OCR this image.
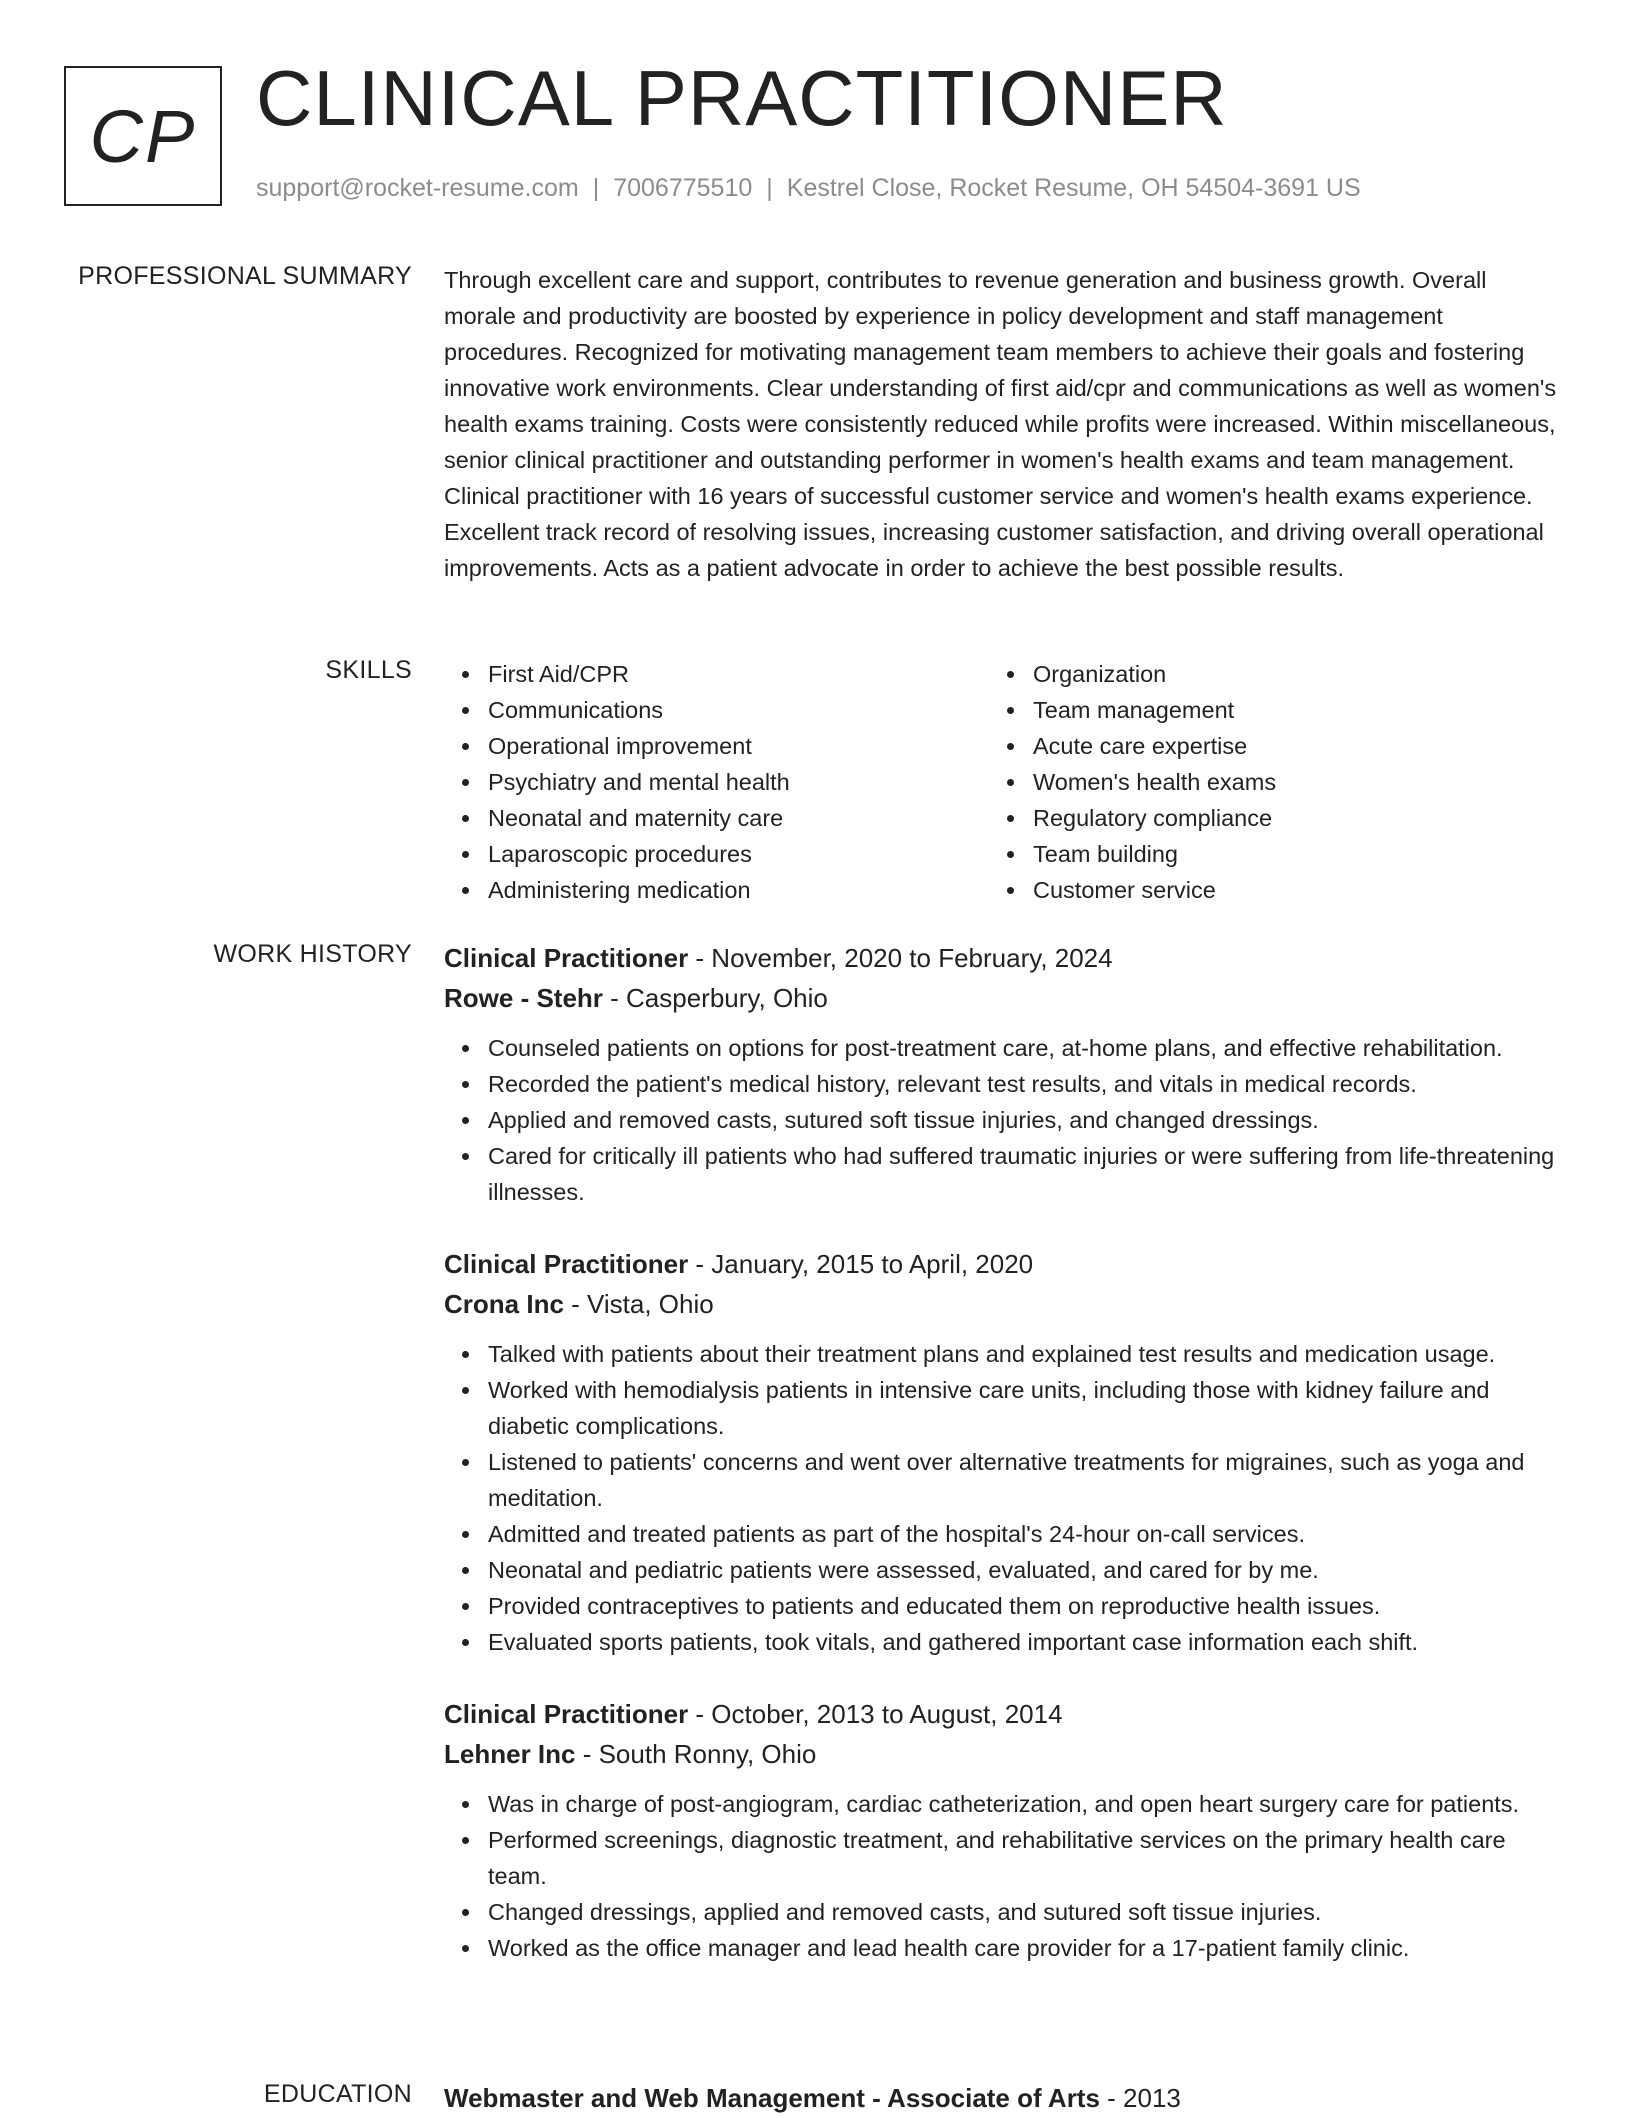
CP CLINICAL PRACTITIONER
support@rocket-resume.com | 7006775510 | Kestrel Close, Rocket Resume, OH 54504-3691 US
PROFESSIONAL SUMMARY Through excellent care and support, contributes to revenue generation and business growth. Overall morale and productivity are boosted by experience in policy development and staff management procedures. Recognized for motivating management team members to achieve their goals and fostering innovative work environments. Clear understanding of first aid/cpr and communications as well as women's health exams training. Costs were consistently reduced while profits were increased. Within miscellaneous, senior clinical practitioner and outstanding performer in women's health exams and team management. Clinical practitioner with 16 years of successful customer service and women's health exams experience. Excellent track record of resolving issues, increasing customer satisfaction, and driving overall operational improvements. Acts as a patient advocate in order to achieve the best possible results.

SKILLS	First Aid/CPR
Communications
Operational improvement
Psychiatry and mental health
Neonatal and maternity care
Laparoscopic procedures
Administering medication
Organization
Team management
Acute care expertise
Women's health exams
Regulatory compliance
Team building
Customer service
WORK HISTORY Clinical Practitioner - November, 2020 to February, 2024
Rowe - Stehr - Casperbury, Ohio
Counseled patients on options for post-treatment care, at-home plans, and effective rehabilitation.
Recorded the patient's medical history, relevant test results, and vitals in medical records.
Applied and removed casts, sutured soft tissue injuries, and changed dressings.
Cared for critically ill patients who had suffered traumatic injuries or were suffering from life-threatening illnesses.
Clinical Practitioner - January, 2015 to April, 2020
Crona Inc - Vista, Ohio
Talked with patients about their treatment plans and explained test results and medication usage.
Worked with hemodialysis patients in intensive care units, including those with kidney failure and diabetic complications.
Listened to patients' concerns and went over alternative treatments for migraines, such as yoga and meditation.
Admitted and treated patients as part of the hospital's 24-hour on-call services.
Neonatal and pediatric patients were assessed, evaluated, and cared for by me.
Provided contraceptives to patients and educated them on reproductive health issues.
Evaluated sports patients, took vitals, and gathered important case information each shift.
Clinical Practitioner - October, 2013 to August, 2014
Lehner Inc - South Ronny, Ohio
Was in charge of post-angiogram, cardiac catheterization, and open heart surgery care for patients.
Performed screenings, diagnostic treatment, and rehabilitative services on the primary health care team.
Changed dressings, applied and removed casts, and sutured soft tissue injuries.
Worked as the office manager and lead health care provider for a 17-patient family clinic.
EDUCATION Webmaster and Web Management - Associate of Arts - 2013
